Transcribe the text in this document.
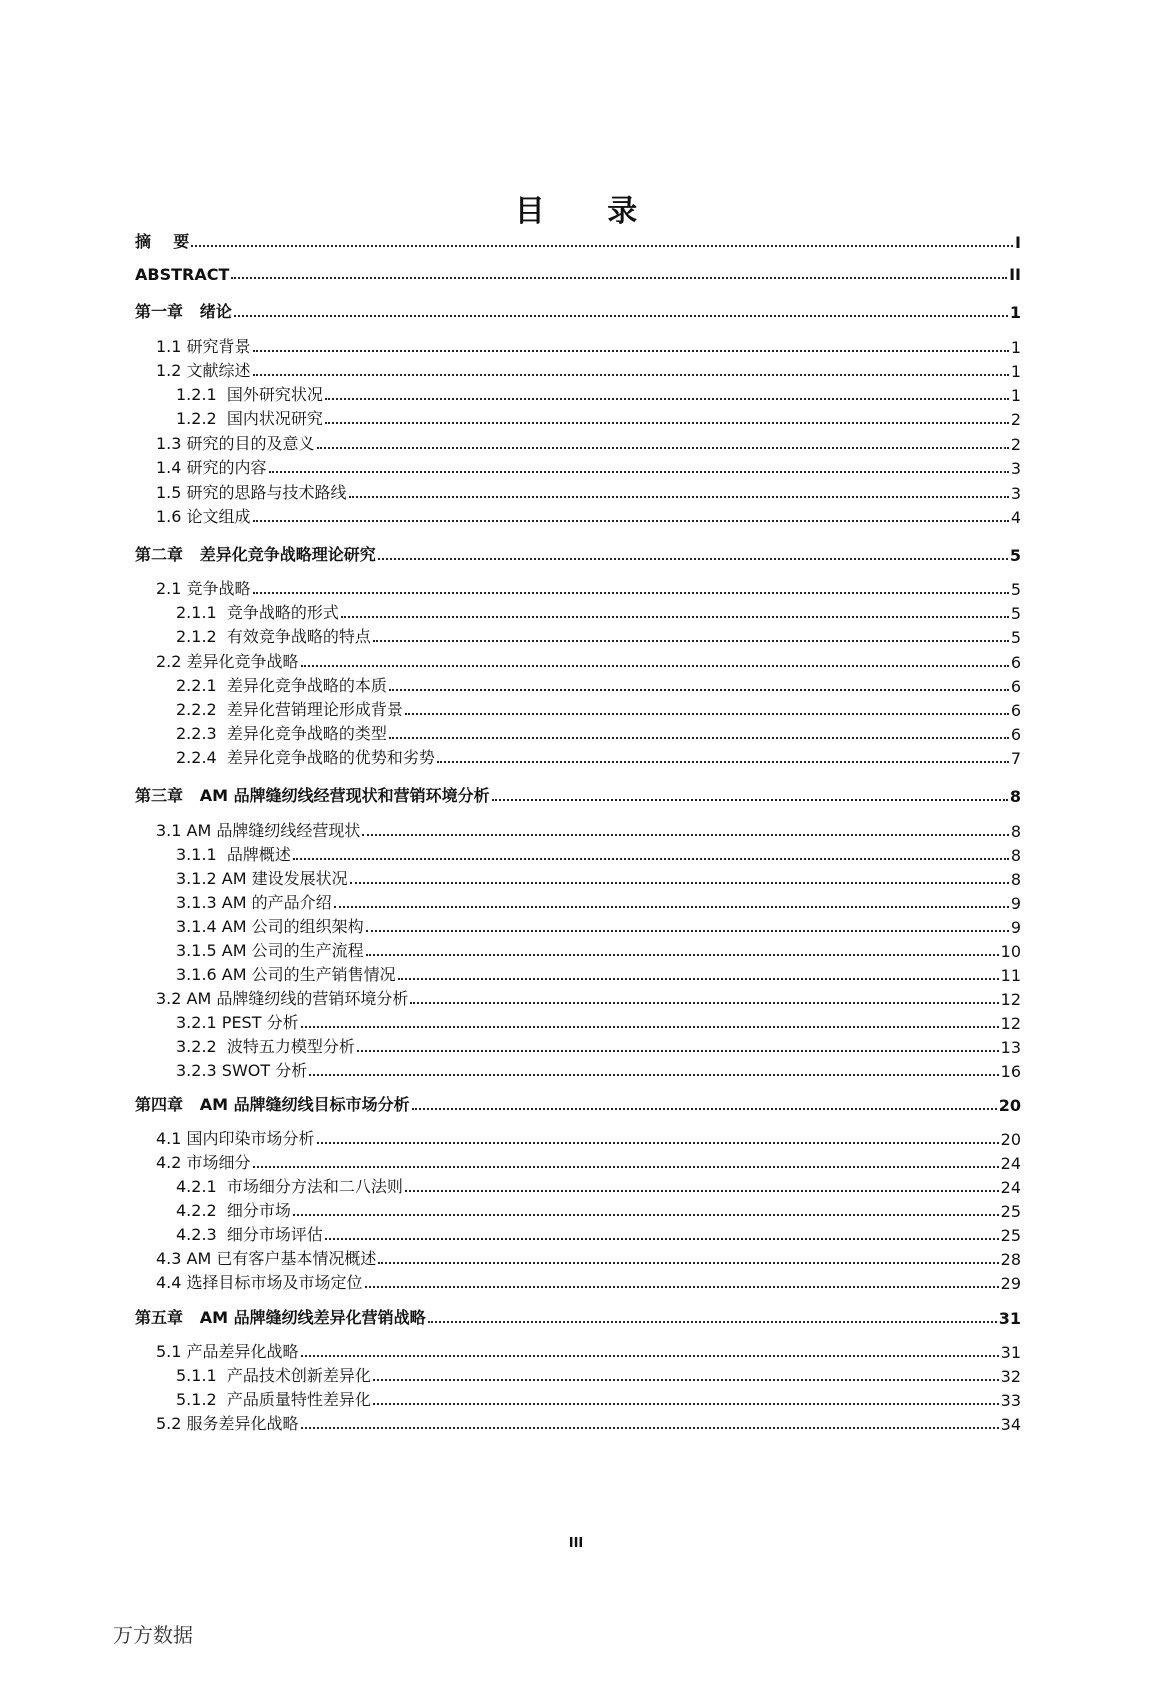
目 录
摘    要	I
ABSTRACT	II
第一章   绪论	1
1.1 研究背景	1
1.2 文献综述	1
1.2.1  国外研究状况	1
1.2.2  国内状况研究	2
1.3 研究的目的及意义	2
1.4 研究的内容	3
1.5 研究的思路与技术路线	3
1.6 论文组成	4
第二章   差异化竞争战略理论研究	5
2.1 竞争战略	5
2.1.1  竞争战略的形式	5
2.1.2  有效竞争战略的特点	5
2.2 差异化竞争战略	6
2.2.1  差异化竞争战略的本质	6
2.2.2  差异化营销理论形成背景	6
2.2.3  差异化竞争战略的类型	6
2.2.4  差异化竞争战略的优势和劣势	7
第三章   AM 品牌缝纫线经营现状和营销环境分析	8
3.1 AM 品牌缝纫线经营现状	8
3.1.1  品牌概述	8
3.1.2 AM 建设发展状况	8
3.1.3 AM 的产品介绍	9
3.1.4 AM 公司的组织架构	9
3.1.5 AM 公司的生产流程	10
3.1.6 AM 公司的生产销售情况	11
3.2 AM 品牌缝纫线的营销环境分析	12
3.2.1 PEST 分析	12
3.2.2  波特五力模型分析	13
3.2.3 SWOT 分析	16
第四章   AM 品牌缝纫线目标市场分析	20
4.1 国内印染市场分析	20
4.2 市场细分	24
4.2.1  市场细分方法和二八法则	24
4.2.2  细分市场	25
4.2.3  细分市场评估	25
4.3 AM 已有客户基本情况概述	28
4.4 选择目标市场及市场定位	29
第五章   AM 品牌缝纫线差异化营销战略	31
5.1 产品差异化战略	31
5.1.1  产品技术创新差异化	32
5.1.2  产品质量特性差异化	33
5.2 服务差异化战略	34
III
万方数据
